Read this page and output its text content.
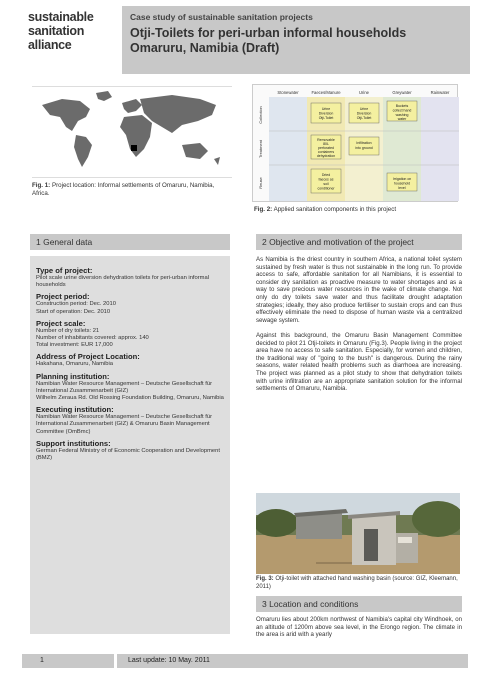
sustainable
sanitation
alliance
Case study of sustainable sanitation projects
Otji-Toilets for peri-urban informal households
Omaruru, Namibia (Draft)
Fig. 1: Project location: Informal settlements of Omaruru, Namibia, Africa.
Stonewater	Faeces/Manure	Urine	Greywater	Rainwater
Collection
Treatment
Reuse
Urine
Diversion
Otji-Toilet
Urine
Diversion
Otji-Toilet
Buckets
collect hand
washing
water
Removable
80L
perforated
containers
dehydration
Infiltration
into ground
Dried
faeces as
soil
conditioner
Irrigation on
household
level
Fig. 2: Applied sanitation components in this project
1 General data
Type of project:
Pilot scale urine diversion dehydration toilets for peri-urban informal households
Project period:
Construction period: Dec. 2010
Start of operation: Dec. 2010
Project scale:
Number of dry toilets: 21
Number of inhabitants covered: approx. 140
Total investment: EUR 17,000
Address of Project Location:
Hakahana, Omaruru, Namibia
Planning institution:
Namibian Water Resource Management – Deutsche Gesellschaft für International Zusammenarbeit (GIZ)
Wilhelm Zeraua Rd. Old Rossing Foundation Building, Omaruru, Namibia
Executing institution:
Namibian Water Resource Management – Deutsche Gesellschaft für International Zusammenarbeit (GIZ) & Omaruru Basin Management Committee (OmBmc)
Support institutions:
German Federal Ministry of of Economic Cooperation and Development (BMZ)
2 Objective and motivation of the project
As Namibia is the driest country in southern Africa, a national toilet system sustained by fresh water is thus not sustainable in the long run. To provide access to safe, affordable sanitation for all Namibians, it is essential to consider dry sanitation as proactive measure to water shortages and as a way to save precious water resources in the wake of climate change. Not only do dry toilets save water and thus facilitate drought adaptation strategies; ideally, they also produce fertiliser to sustain crops and can thus effectively eliminate the need to dispose of human waste via a centralized sewage system.
Against this background, the Omaruru Basin Management Committee decided to pilot 21 Otji-toilets in Omaruru (Fig.3). People living in the project area have no access to safe sanitation. Especially, for women and children, the traditional way of "going to the bush" is dangerous. During the rainy seasons, water related health problems such as diarrhoea are increasing. The project was planned as a pilot study to show that dehydration toilets with urine infiltration are an appropriate sanitation solution for the informal settlements of Omaruru, Namibia.
Fig. 3: Otji-toilet with attached hand washing basin (source: GIZ, Kleemann, 2011)
3 Location and conditions
Omaruru lies about 200km northwest of Namibia's capital city Windhoek, on an altitude of 1200m above sea level, in the Erongo region. The climate in the area is arid with a yearly
1	Last update: 10 May. 2011
